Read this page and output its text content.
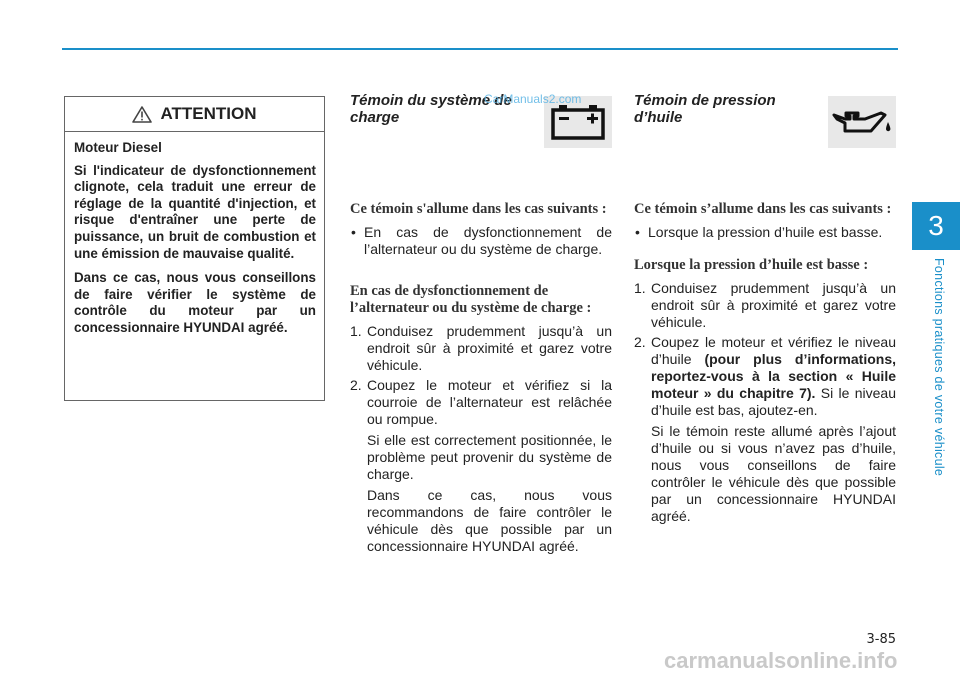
3
Fonctions pratiques de votre véhicule
ATTENTION

Moteur Diesel

Si l'indicateur de dysfonctionnement clignote, cela traduit une erreur de réglage de la quantité d'injection, et risque d'entraîner une perte de puissance, un bruit de combustion et une émission de mauvaise qualité.

Dans ce cas, nous vous conseillons de faire vérifier le système de contrôle du moteur par un concessionnaire HYUNDAI agréé.

Témoin du système de charge
Ce témoin s'allume dans les cas suivants :
• En cas de dysfonctionnement de l’alternateur ou du système de charge.
En cas de dysfonctionnement de l’alternateur ou du système de charge :
1. Conduisez prudemment jusqu’à un endroit sûr à proximité et garez votre véhicule.
2. Coupez le moteur et vérifiez si la courroie de l’alternateur est relâchée ou rompue.
Si elle est correctement positionnée, le problème peut provenir du système de charge.
Dans ce cas, nous vous recommandons de faire contrôler le véhicule dès que possible par un concessionnaire HYUNDAI agréé.
Témoin de pression d’huile
Ce témoin s’allume dans les cas suivants :
• Lorsque la pression d’huile est basse.
Lorsque la pression d’huile est basse :
1. Conduisez prudemment jusqu’à un endroit sûr à proximité et garez votre véhicule.
2. Coupez le moteur et vérifiez le niveau d’huile (pour plus d’informations, reportez-vous à la section « Huile moteur » du chapitre 7). Si le niveau d’huile est bas, ajoutez-en.
Si le témoin reste allumé après l’ajout d’huile ou si vous n’avez pas d’huile, nous vous conseillons de faire contrôler le véhicule dès que possible par un concessionnaire HYUNDAI agréé.
CarManuals2.com
3-85
carmanualsonline.info
